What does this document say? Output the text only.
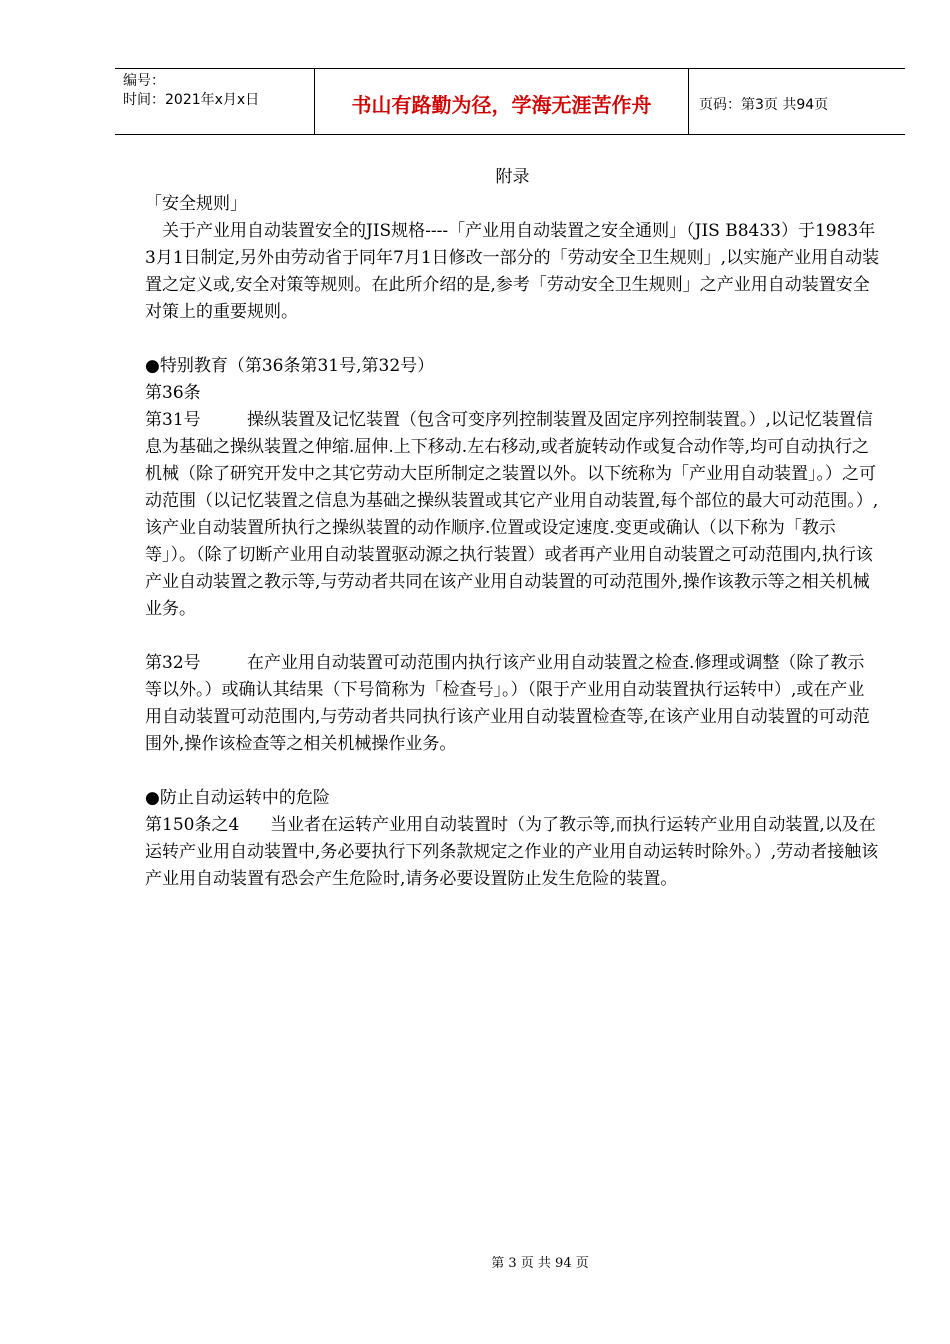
编号：
时间：2021年x月x日	书山有路勤为径，学海无涯苦作舟	页码：第3页 共94页

附录

「安全规则」

关于产业用自动装置安全的JIS规格----「产业用自动装置之安全通则」（JIS B8433）于1983年3月1日制定,另外由劳动省于同年7月1日修改一部分的「劳动安全卫生规则」,以实施产业用自动装置之定义或,安全对策等规则。在此所介绍的是,参考「劳动安全卫生规则」之产业用自动装置安全对策上的重要规则。

●特别教育（第36条第31号,第32号）

第36条

第31号	操纵装置及记忆装置（包含可变序列控制装置及固定序列控制装置。）,以记忆装置信息为基础之操纵装置之伸缩.屈伸.上下移动.左右移动,或者旋转动作或复合动作等,均可自动执行之机械（除了研究开发中之其它劳动大臣所制定之装置以外。以下统称为「产业用自动装置」。）之可动范围（以记忆装置之信息为基础之操纵装置或其它产业用自动装置,每个部位的最大可动范围。）,该产业自动装置所执行之操纵装置的动作顺序.位置或设定速度.变更或确认（以下称为「教示等」）。（除了切断产业用自动装置驱动源之执行装置）或者再产业用自动装置之可动范围内,执行该产业自动装置之教示等,与劳动者共同在该产业用自动装置的可动范围外,操作该教示等之相关机械业务。

第32号	在产业用自动装置可动范围内执行该产业用自动装置之检查.修理或调整（除了教示等以外。）或确认其结果（下号简称为「检查号」。）（限于产业用自动装置执行运转中）,或在产业用自动装置可动范围内,与劳动者共同执行该产业用自动装置检查等,在该产业用自动装置的可动范围外,操作该检查等之相关机械操作业务。

●防止自动运转中的危险

第150条之4 当业者在运转产业用自动装置时（为了教示等,而执行运转产业用自动装置,以及在运转产业用自动装置中,务必要执行下列条款规定之作业的产业用自动运转时除外。）,劳动者接触该产业用自动装置有恐会产生危险时,请务必要设置防止发生危险的装置。

第 3 页 共 94 页
